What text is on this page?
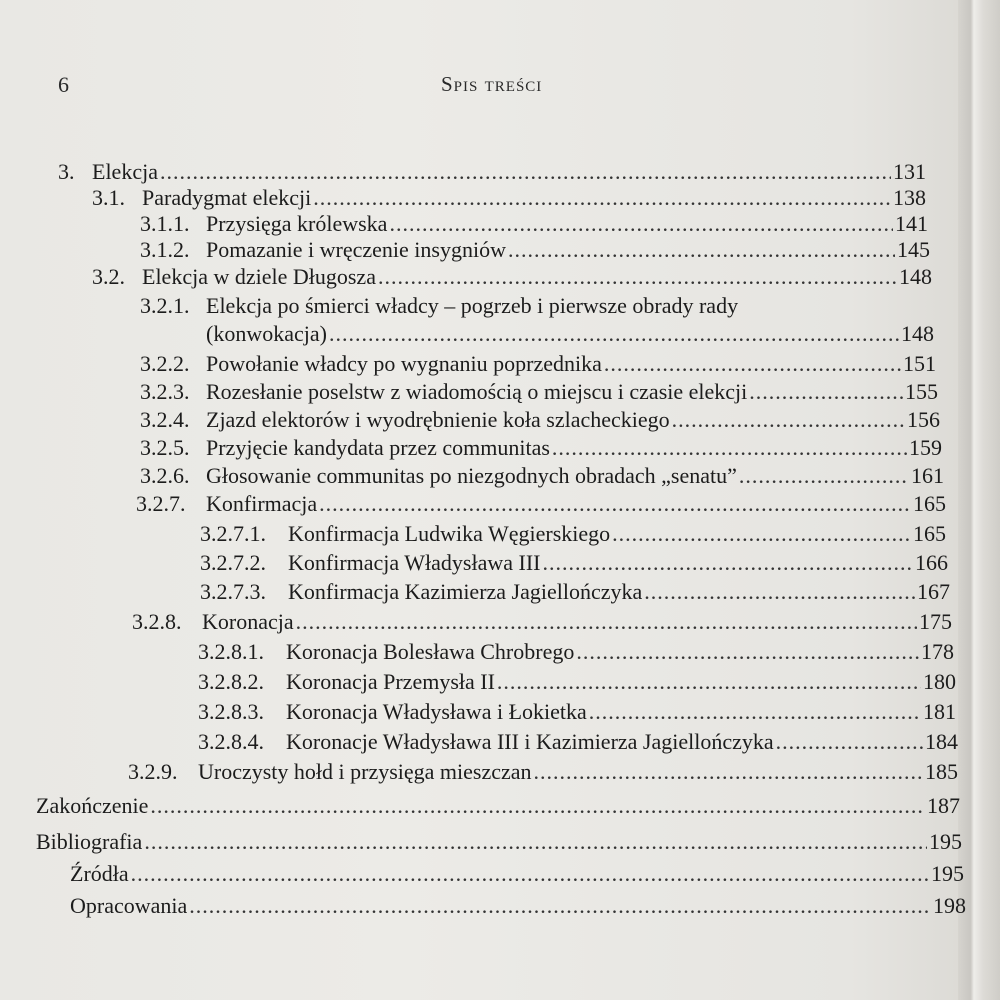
6	Spis treści
3. Elekcja .....	131
3.1. Paradygmat elekcji .....	138
3.1.1. Przysięga królewska .....	141
3.1.2. Pomazanie i wręczenie insygniów .....	145
3.2. Elekcja w dziele Długosza .....	148
3.2.1. Elekcja po śmierci władcy – pogrzeb i pierwsze obrady rady
(konwokacja) .....	148
3.2.2. Powołanie władcy po wygnaniu poprzednika .....	151
3.2.3. Rozesłanie poselstw z wiadomością o miejscu i czasie elekcji .....	155
3.2.4. Zjazd elektorów i wyodrębnienie koła szlacheckiego .....	156
3.2.5. Przyjęcie kandydata przez communitas .....	159
3.2.6. Głosowanie communitas po niezgodnych obradach „senatu” .....	161
3.2.7. Konfirmacja .....	165
3.2.7.1.	Konfirmacja Ludwika Węgierskiego .....	165
3.2.7.2.	Konfirmacja Władysława III .....	166
3.2.7.3.	Konfirmacja Kazimierza Jagiellończyka .....	167
3.2.8. Koronacja .....	175
3.2.8.1.	Koronacja Bolesława Chrobrego .....	178
3.2.8.2.	Koronacja Przemysła II .....	180
3.2.8.3.	Koronacja Władysława i Łokietka .....	181
3.2.8.4.	Koronacje Władysława III i Kazimierza Jagiellończyka .....	184
3.2.9. Uroczysty hołd i przysięga mieszczan .....	185
Zakończenie .....	187
Bibliografia .....	195
Źródła .....	195
Opracowania .....	198
